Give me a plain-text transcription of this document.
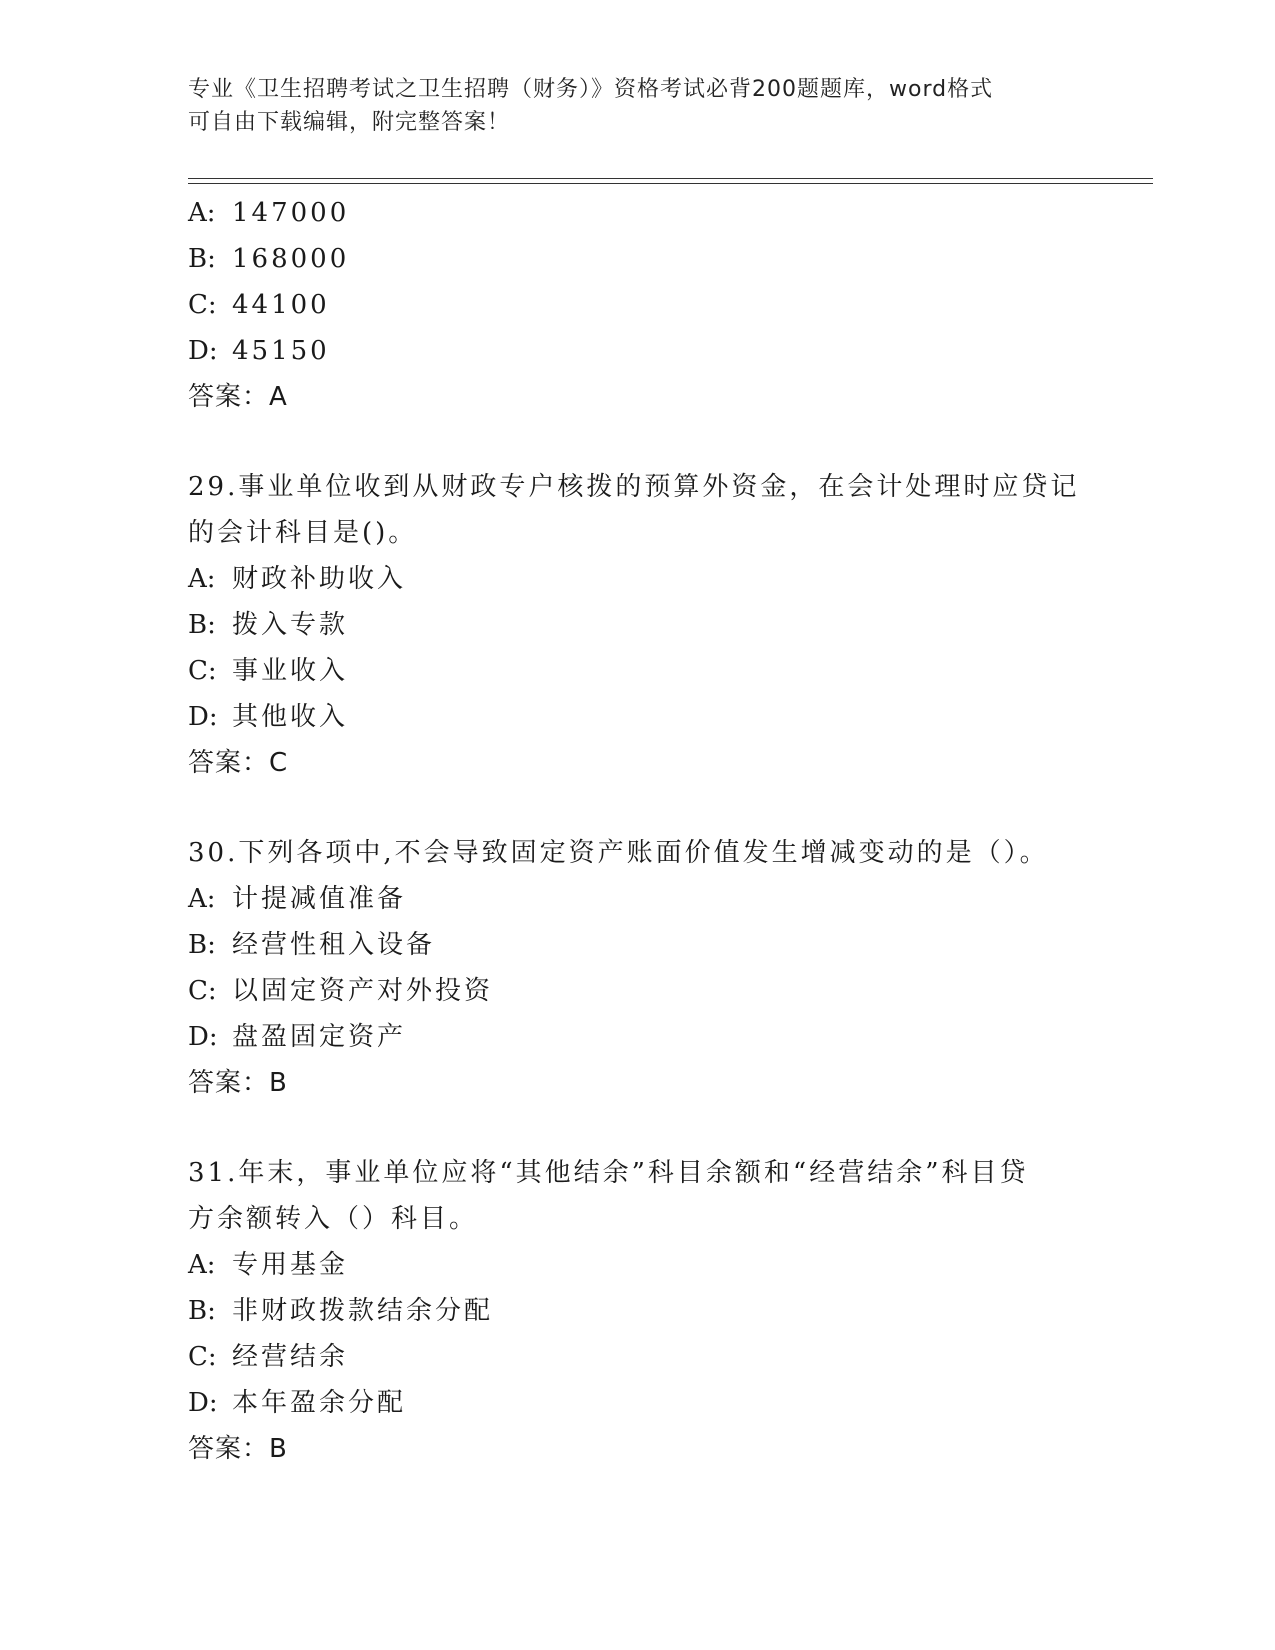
专业《卫生招聘考试之卫生招聘（财务）》资格考试必背200题题库，word格式
可自由下载编辑，附完整答案！
A: 147000
B: 168000
C: 44100
D: 45150
答案：A
29.事业单位收到从财政专户核拨的预算外资金，在会计处理时应贷记
的会计科目是()。
A: 财政补助收入
B: 拨入专款
C: 事业收入
D: 其他收入
答案：C
30.下列各项中,不会导致固定资产账面价值发生增减变动的是（）。
A: 计提减值准备
B: 经营性租入设备
C: 以固定资产对外投资
D: 盘盈固定资产
答案：B
31.年末，事业单位应将“其他结余”科目余额和“经营结余”科目贷
方余额转入（）科目。
A: 专用基金
B: 非财政拨款结余分配
C: 经营结余
D: 本年盈余分配
答案：B
